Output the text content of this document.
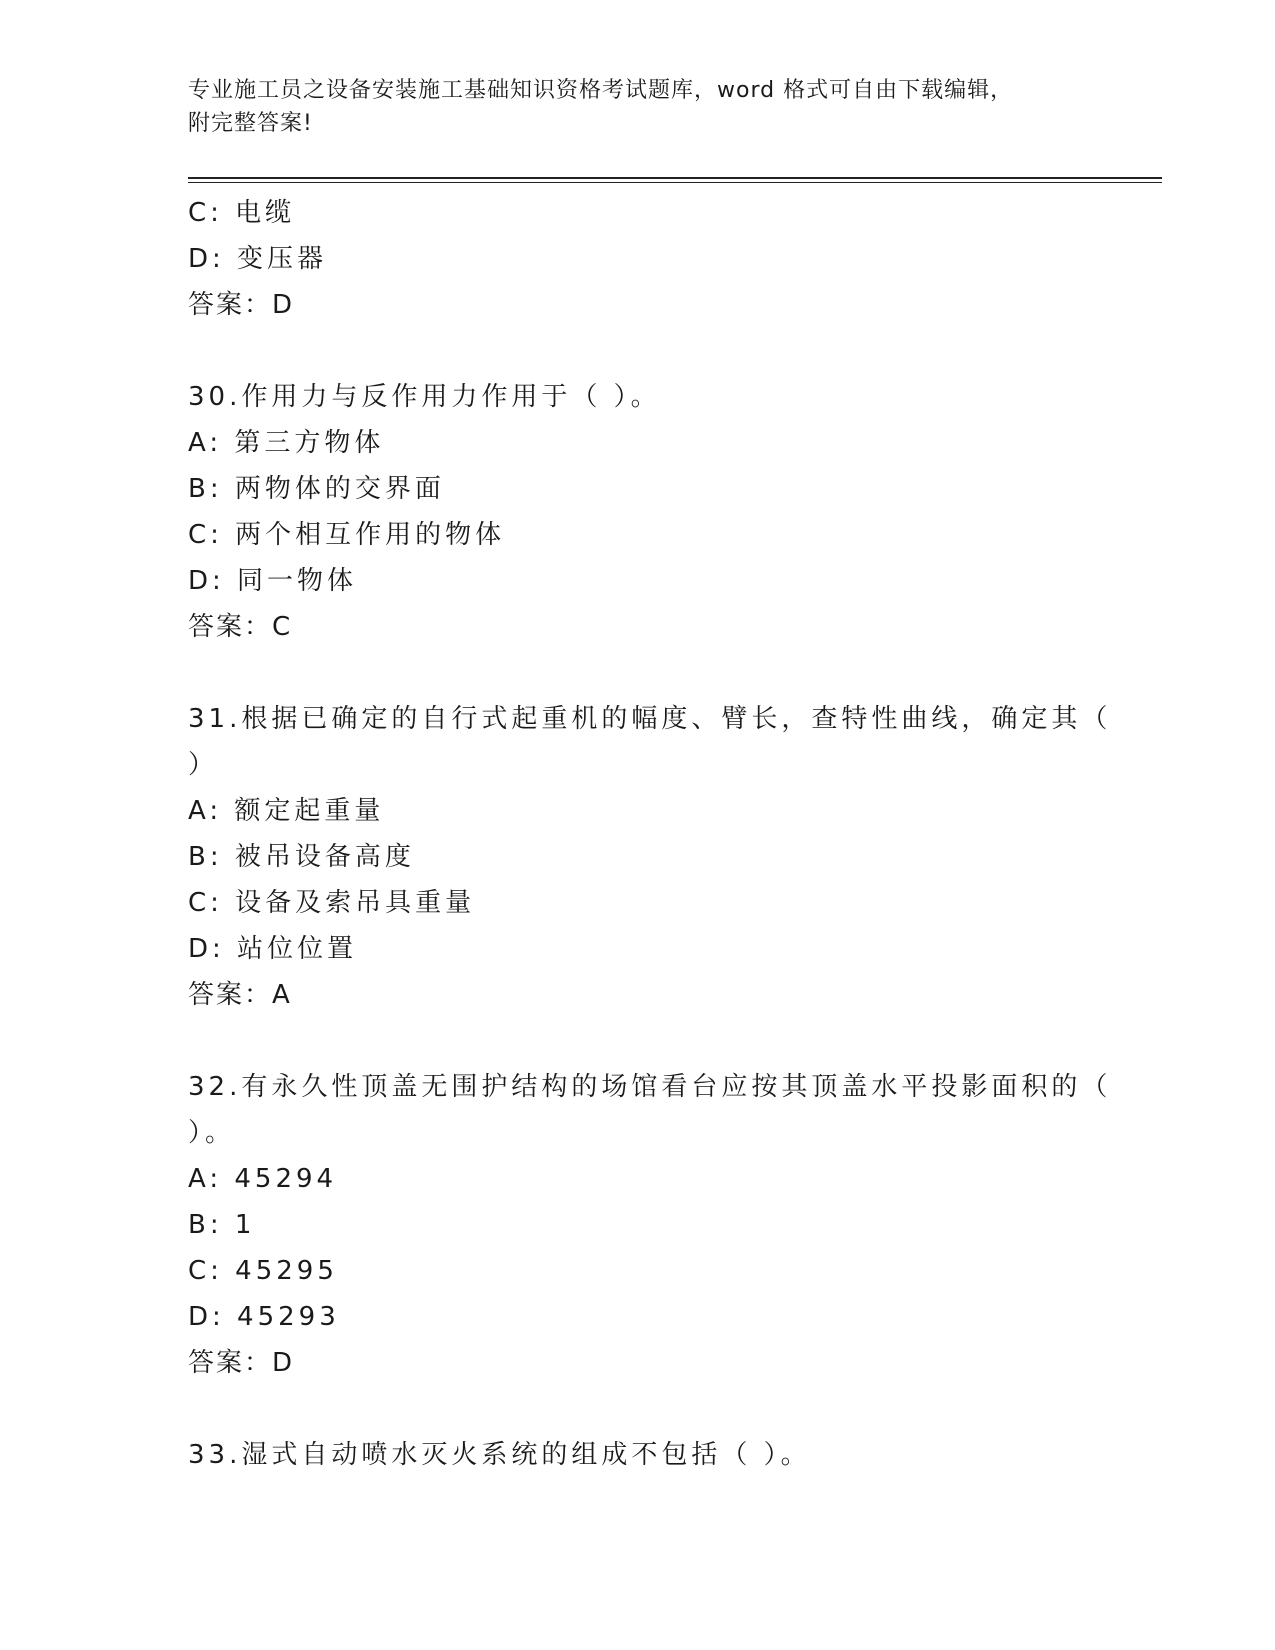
专业施工员之设备安装施工基础知识资格考试题库，word 格式可自由下载编辑，
附完整答案!
C: 电缆
D: 变压器
答案：D
30.作用力与反作用力作用于（ ）。
A: 第三方物体
B: 两物体的交界面
C: 两个相互作用的物体
D: 同一物体
答案：C
31.根据已确定的自行式起重机的幅度、臂长，查特性曲线，确定其（
）
A: 额定起重量
B: 被吊设备高度
C: 设备及索吊具重量
D: 站位位置
答案：A
32.有永久性顶盖无围护结构的场馆看台应按其顶盖水平投影面积的（
）。
A: 45294
B: 1
C: 45295
D: 45293
答案：D
33.湿式自动喷水灭火系统的组成不包括（ ）。
